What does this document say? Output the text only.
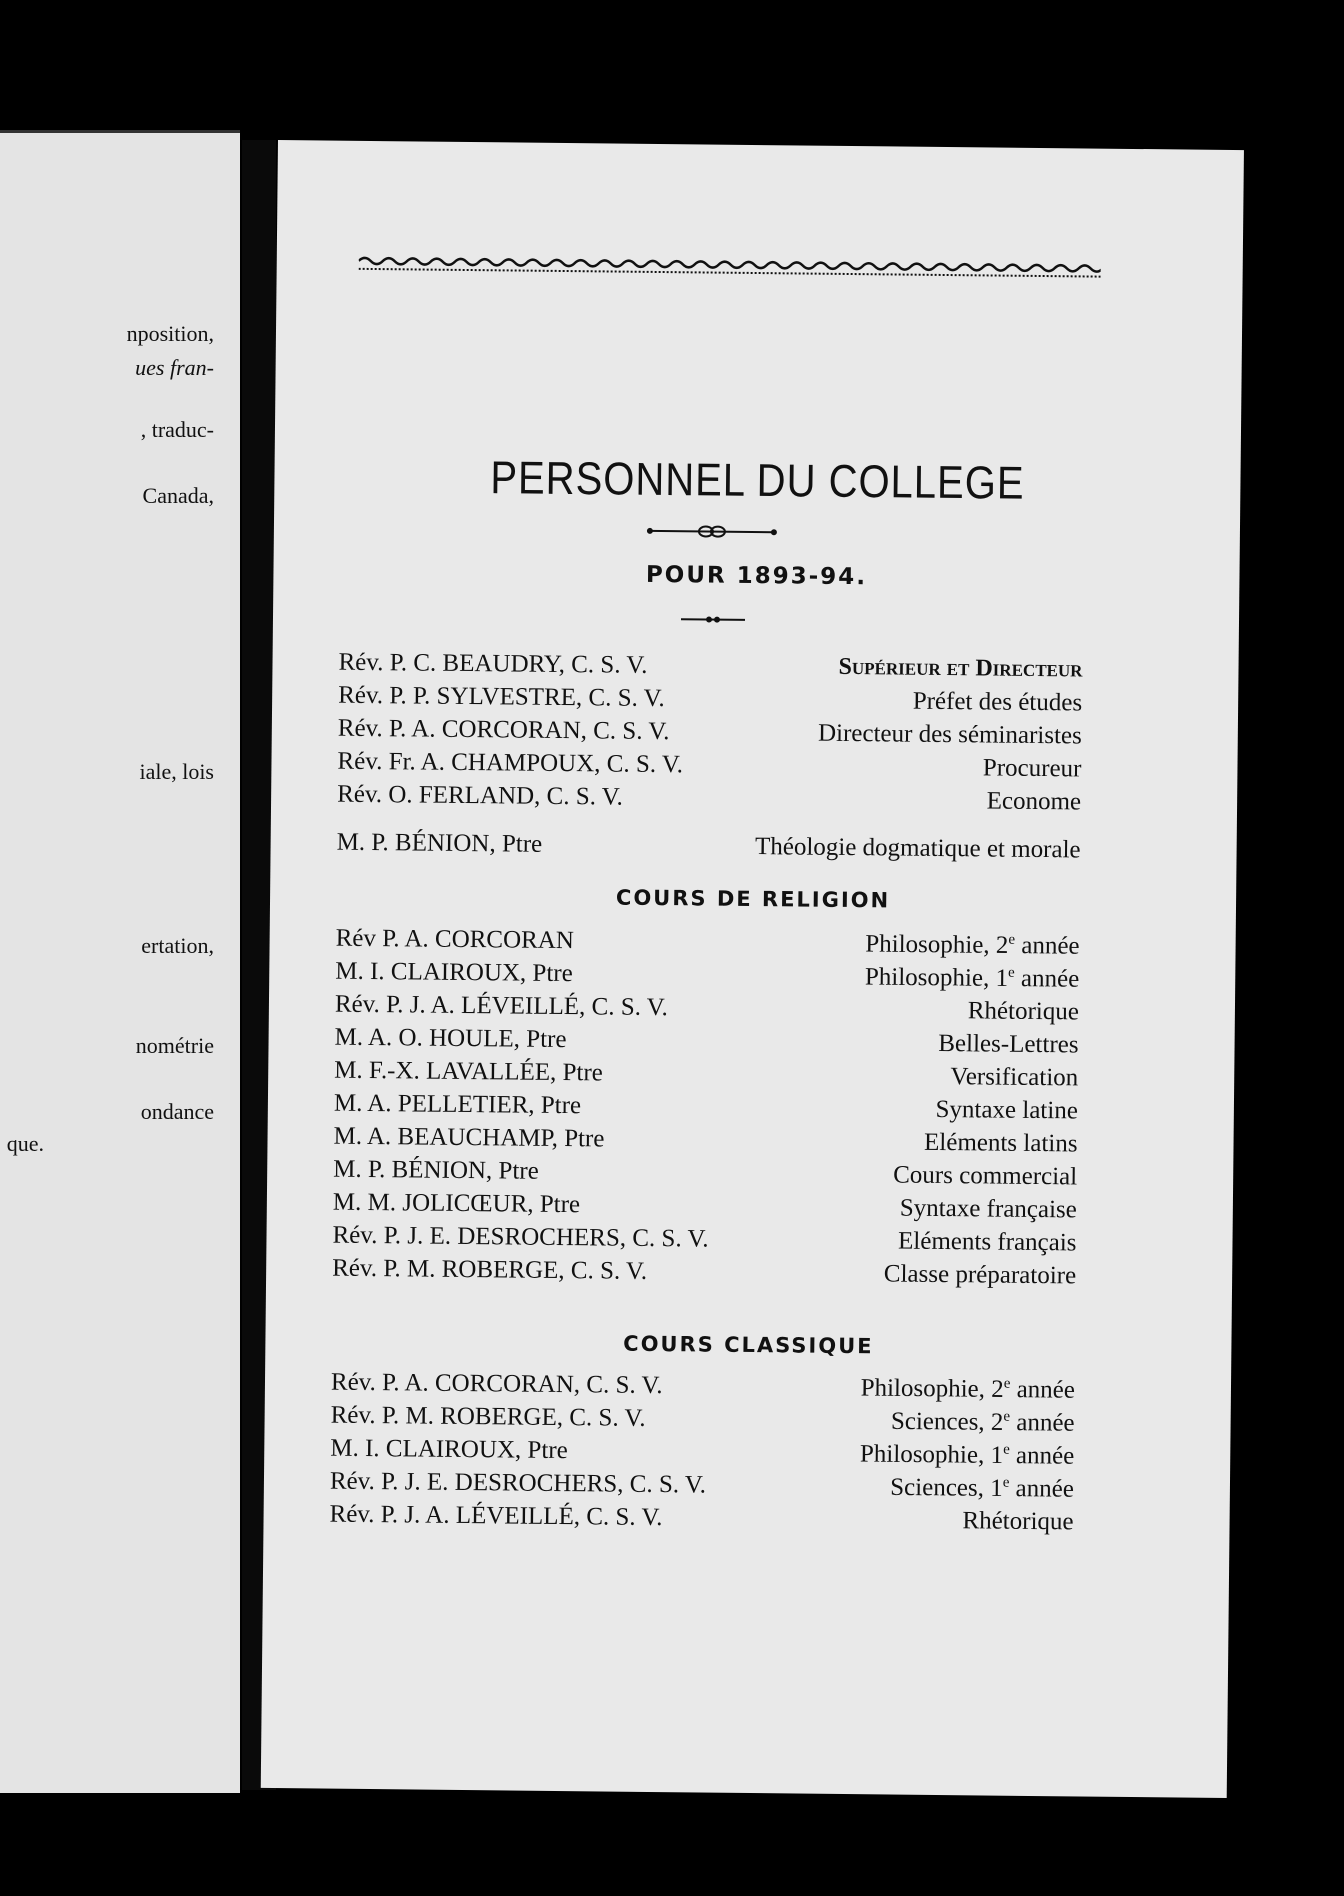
nposition,
ues fran-
, traduc-
Canada,
iale, lois
ertation,
nométrie
ondance
que.
PERSONNEL DU COLLEGE
POUR 1893-94.
Rév. P. C. BEAUDRY, C. S. V.	Supérieur et Directeur
Rév. P. P. SYLVESTRE, C. S. V.	Préfet des études
Rév. P. A. CORCORAN, C. S. V.	Directeur des séminaristes
Rév. Fr. A. CHAMPOUX, C. S. V.	Procureur
Rév. O. FERLAND, C. S. V.	Econome
M. P. BÉNION, Ptre	Théologie dogmatique et morale
COURS DE RELIGION
Rév P. A. CORCORAN	Philosophie, 2e année
M. I. CLAIROUX, Ptre	Philosophie, 1e année
Rév. P. J. A. LÉVEILLÉ, C. S. V.	Rhétorique
M. A. O. HOULE, Ptre	Belles-Lettres
M. F.-X. LAVALLÉE, Ptre	Versification
M. A. PELLETIER, Ptre	Syntaxe latine
M. A. BEAUCHAMP, Ptre	Eléments latins
M. P. BÉNION, Ptre	Cours commercial
M. M. JOLICŒUR, Ptre	Syntaxe française
Rév. P. J. E. DESROCHERS, C. S. V.	Eléments français
Rév. P. M. ROBERGE, C. S. V.	Classe préparatoire
COURS CLASSIQUE
Rév. P. A. CORCORAN, C. S. V.	Philosophie, 2e année
Rév. P. M. ROBERGE, C. S. V.	Sciences, 2e année
M. I. CLAIROUX, Ptre	Philosophie, 1e année
Rév. P. J. E. DESROCHERS, C. S. V.	Sciences, 1e année
Rév. P. J. A. LÉVEILLÉ, C. S. V.	Rhétorique
